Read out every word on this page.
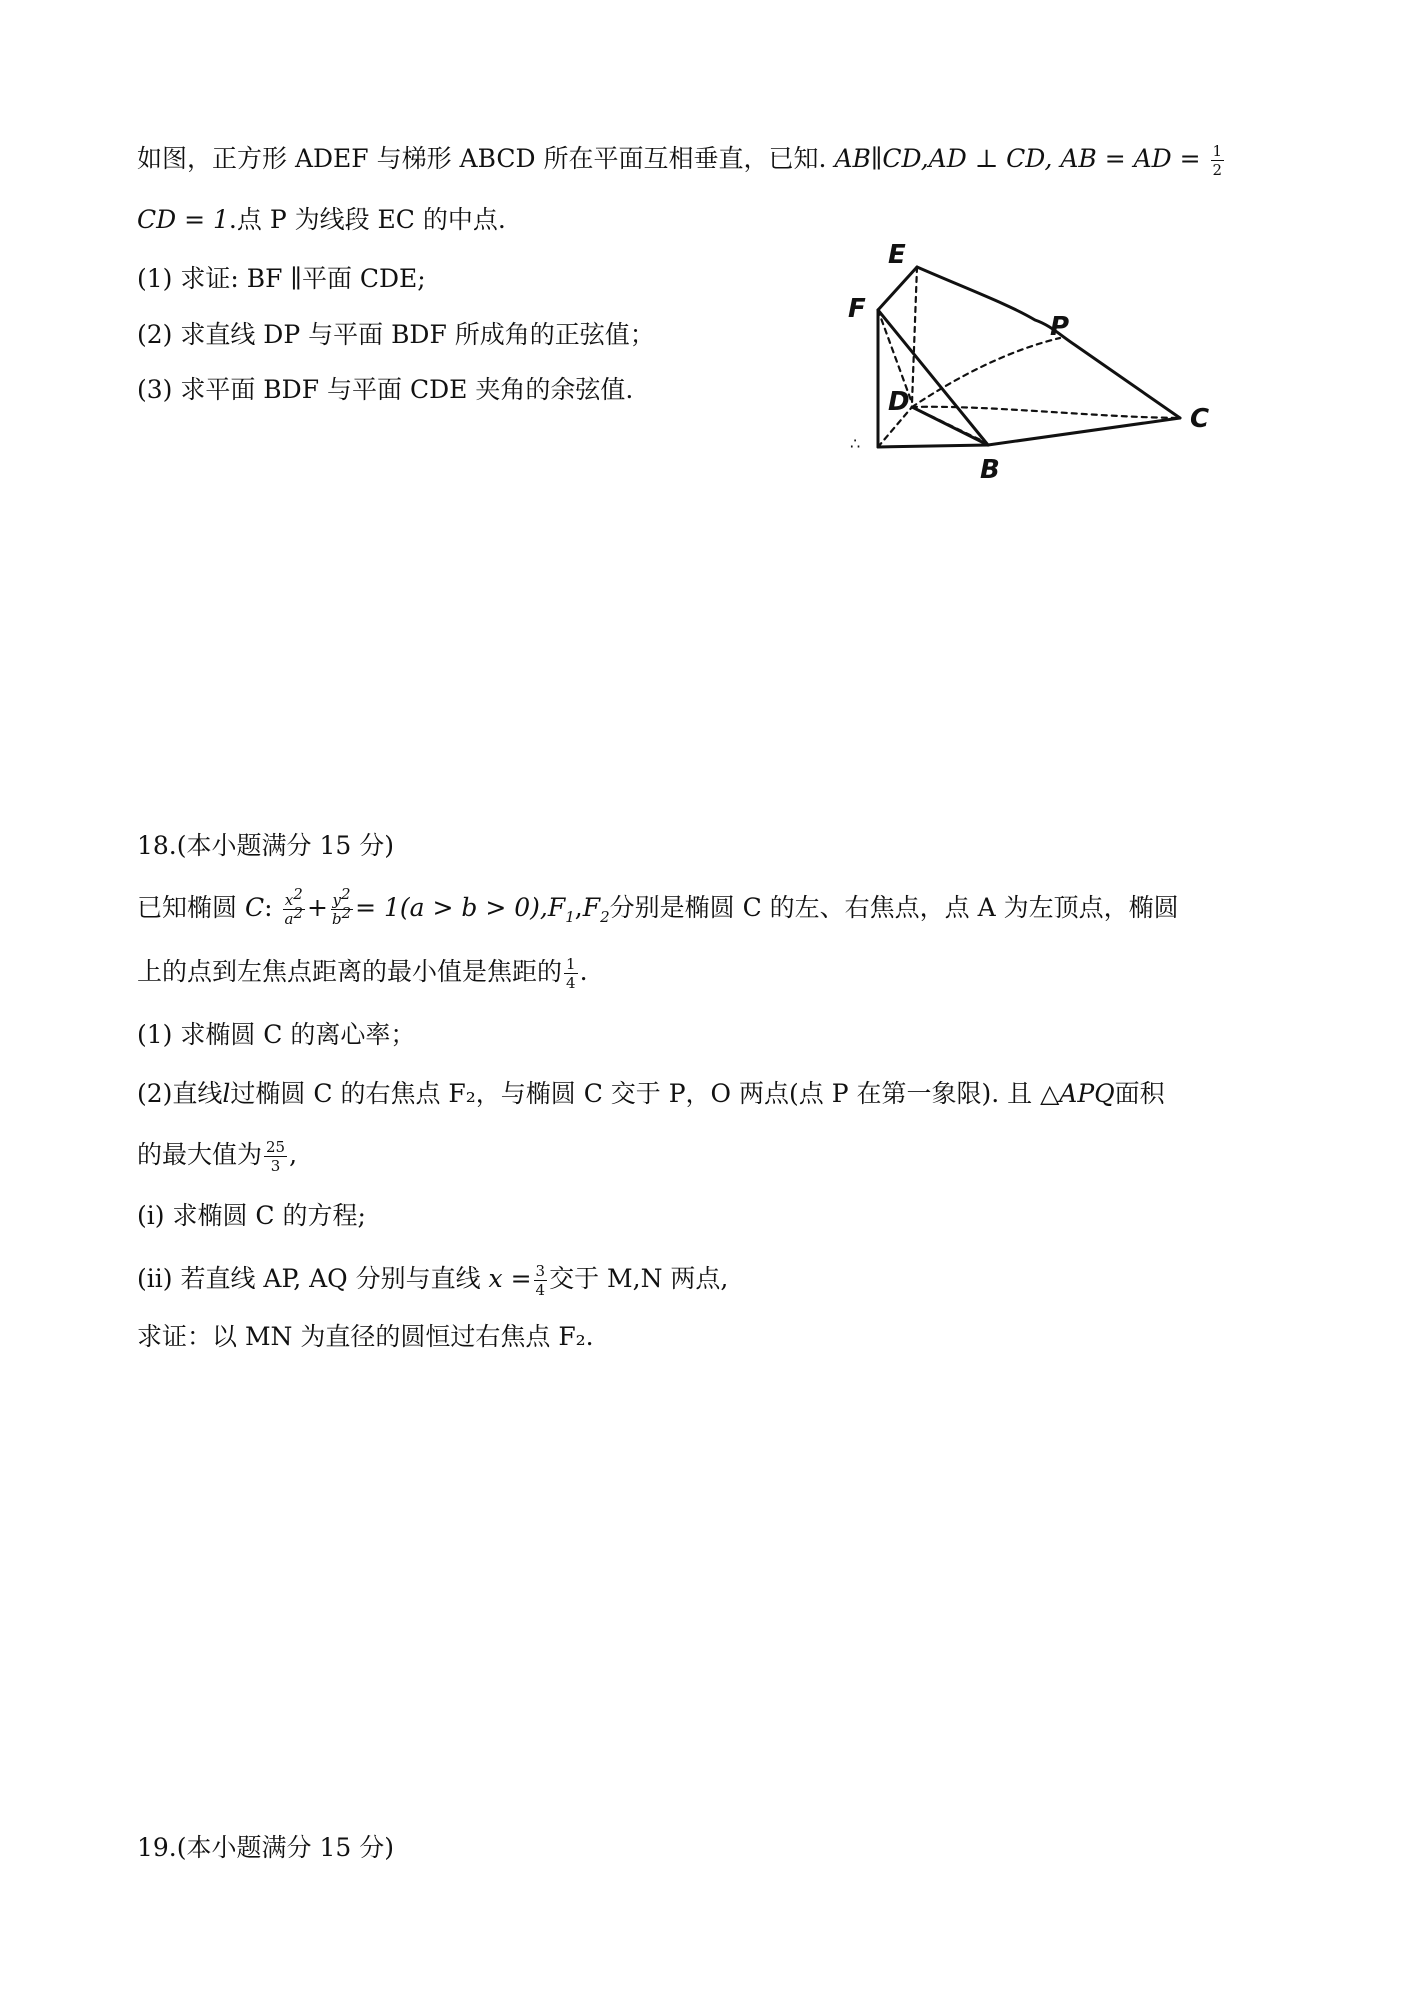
如图，正方形 ADEF 与梯形 ABCD 所在平面互相垂直，已知. AB∥CD,AD ⊥ CD, AB = AD = $\frac{1}{2}$
CD = 1.点 P 为线段 EC 的中点.
(1) 求证: BF ∥平面 CDE;
(2) 求直线 DP 与平面 BDF 所成角的正弦值；
(3) 求平面 BDF 与平面 CDE 夹角的余弦值.
E
F
P
D
C
B
∴
18.(本小题满分 15 分)
已知椭圆 C: $\frac{x^2}{a^2} + \frac{y^2}{b^2} = 1(a > b > 0),F_1,F_2$分别是椭圆 C 的左、右焦点，点 A 为左顶点，椭圆
上的点到左焦点距离的最小值是焦距的 $\frac{1}{4}$ .
(1) 求椭圆 C 的离心率；
(2)直线l过椭圆 C 的右焦点 F₂，与椭圆 C 交于 P，O 两点(点 P 在第一象限). 且 △APQ面积
的最大值为 $\frac{25}{3}$ ,
(i) 求椭圆 C 的方程;
(ii) 若直线 AP, AQ 分别与直线 $x = \frac{3}{4}$ 交于 M,N 两点,
求证：以 MN 为直径的圆恒过右焦点 F₂.
19.(本小题满分 15 分)
